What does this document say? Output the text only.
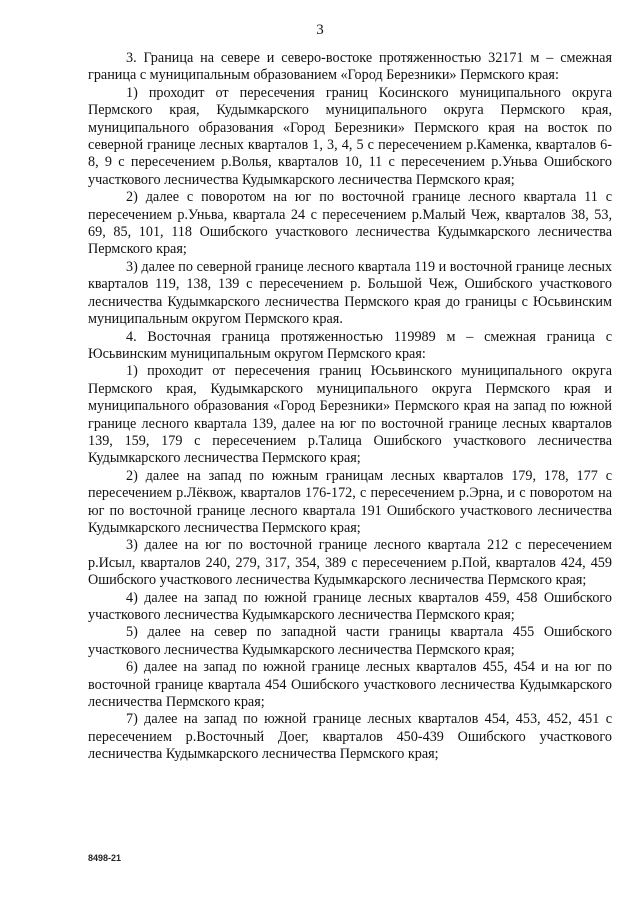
3

3. Граница на севере и северо-востоке протяженностью 32171 м – смежная граница с муниципальным образованием «Город Березники» Пермского края:

1) проходит от пересечения границ Косинского муниципального округа Пермского края, Кудымкарского муниципального округа Пермского края, муниципального образования «Город Березники» Пермского края на восток по северной границе лесных кварталов 1, 3, 4, 5 с пересечением р.Каменка, кварталов 6-8, 9 с пересечением р.Волья, кварталов 10, 11 с пересечением р.Уньва Ошибского участкового лесничества Кудымкарского лесничества Пермского края;

2) далее с поворотом на юг по восточной границе лесного квартала 11 с пересечением р.Уньва, квартала 24 с пересечением р.Малый Чеж, кварталов 38, 53, 69, 85, 101, 118 Ошибского участкового лесничества Кудымкарского лесничества Пермского края;

3) далее по северной границе лесного квартала 119 и восточной границе лесных кварталов 119, 138, 139 с пересечением р. Большой Чеж, Ошибского участкового лесничества Кудымкарского лесничества Пермского края до границы с Юсьвинским муниципальным округом Пермского края.

4. Восточная граница протяженностью 119989 м – смежная граница с Юсьвинским муниципальным округом Пермского края:

1) проходит от пересечения границ Юсьвинского муниципального округа Пермского края, Кудымкарского муниципального округа Пермского края и муниципального образования «Город Березники» Пермского края на запад по южной границе лесного квартала 139, далее на юг по восточной границе лесных кварталов 139, 159, 179 с пересечением р.Талица Ошибского участкового лесничества Кудымкарского лесничества Пермского края;

2) далее на запад по южным границам лесных кварталов 179, 178, 177 с пересечением р.Лёквож, кварталов 176-172, с пересечением р.Эрна, и с поворотом на юг по восточной границе лесного квартала 191 Ошибского участкового лесничества Кудымкарского лесничества Пермского края;

3) далее на юг по восточной границе лесного квартала 212 с пересечением р.Исыл, кварталов 240, 279, 317, 354, 389 с пересечением р.Пой, кварталов 424, 459 Ошибского участкового лесничества Кудымкарского лесничества Пермского края;

4) далее на запад по южной границе лесных кварталов 459, 458 Ошибского участкового лесничества Кудымкарского лесничества Пермского края;

5) далее на север по западной части границы квартала 455 Ошибского участкового лесничества Кудымкарского лесничества Пермского края;

6) далее на запад по южной границе лесных кварталов 455, 454 и на юг по восточной границе квартала 454 Ошибского участкового лесничества Кудымкарского лесничества Пермского края;

7) далее на запад по южной границе лесных кварталов 454, 453, 452, 451 с пересечением р.Восточный Доег, кварталов 450-439 Ошибского участкового лесничества Кудымкарского лесничества Пермского края;

8498-21
